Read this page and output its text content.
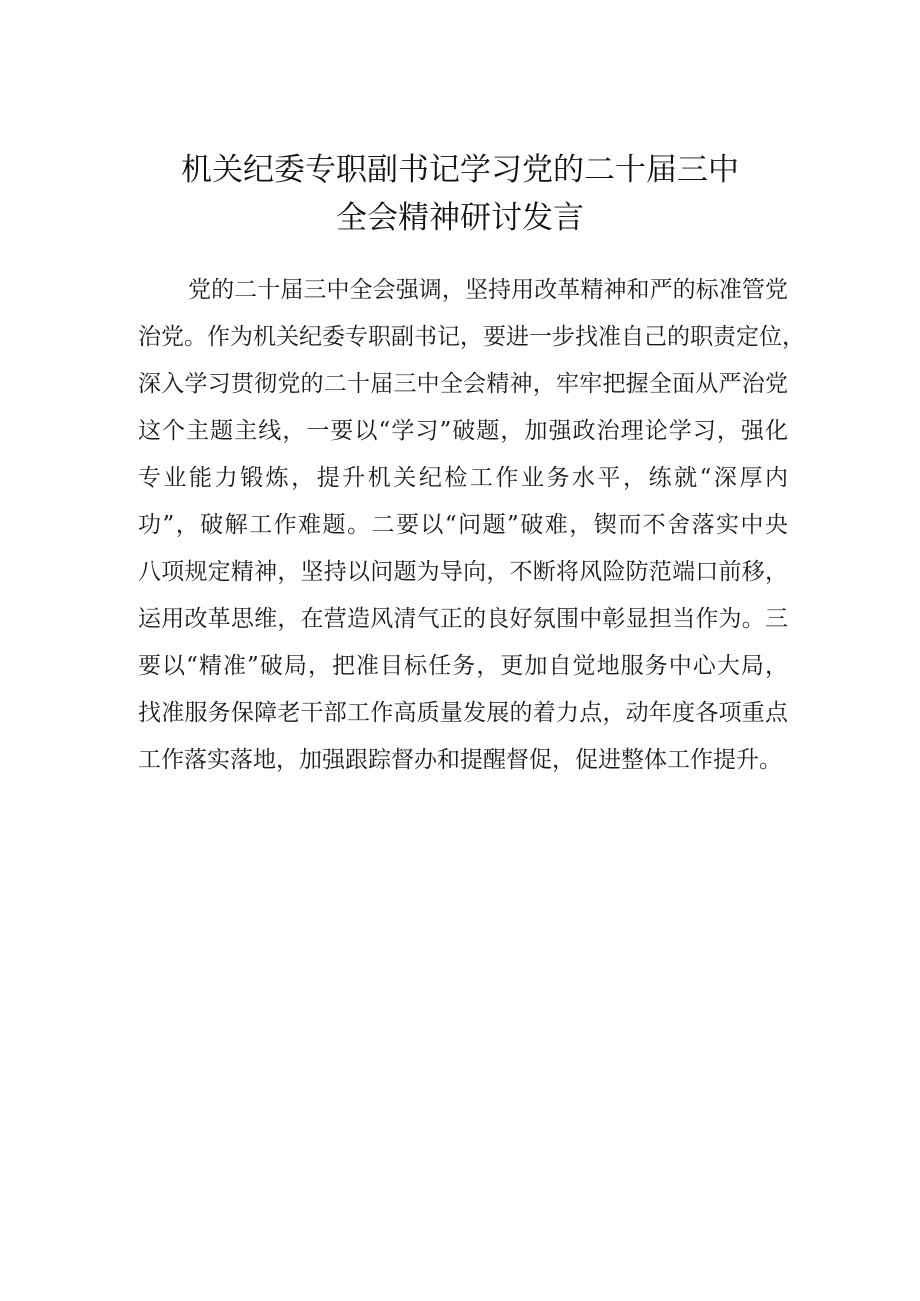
机关纪委专职副书记学习党的二十届三中
全会精神研讨发言
党的二十届三中全会强调，坚持用改革精神和严的标准管党
治党。作为机关纪委专职副书记，要进一步找准自己的职责定位，
深入学习贯彻党的二十届三中全会精神，牢牢把握全面从严治党
这个主题主线，一要以“学习”破题，加强政治理论学习，强化
专业能力锻炼，提升机关纪检工作业务水平，练就“深厚内
功”，破解工作难题。二要以“问题”破难，锲而不舍落实中央
八项规定精神，坚持以问题为导向，不断将风险防范端口前移，
运用改革思维，在营造风清气正的良好氛围中彰显担当作为。三
要以“精准”破局，把准目标任务，更加自觉地服务中心大局，
找准服务保障老干部工作高质量发展的着力点，动年度各项重点
工作落实落地，加强跟踪督办和提醒督促，促进整体工作提升。
